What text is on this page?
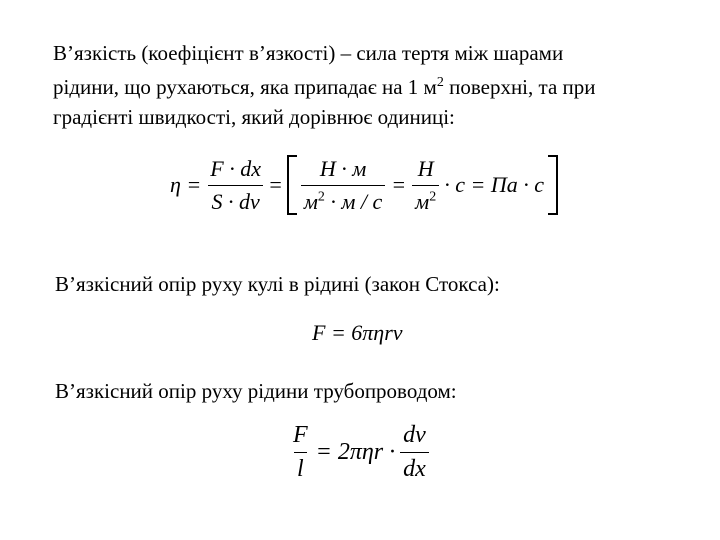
В’язкість (коефіцієнт в’язкості) – сила тертя між шарами
рідини, що рухаються, яка припадає на 1 $м^2$ поверхні, та при
градієнті швидкості, який дорівнює одиниці:
$\eta = \frac{F \cdot dx}{S \cdot dv} = \frac{H \cdot м}{м^2 \cdot м / с} = \frac{H}{м^2} \cdot с$ = Па · с
В’язкісний опір руху кулі в рідині (закон Стокса):
F = 6πηrv
В’язкісний опір руху рідини трубопроводом:
$\frac{F}{l} = 2\pi\eta r \cdot \frac{dv}{dx}$
